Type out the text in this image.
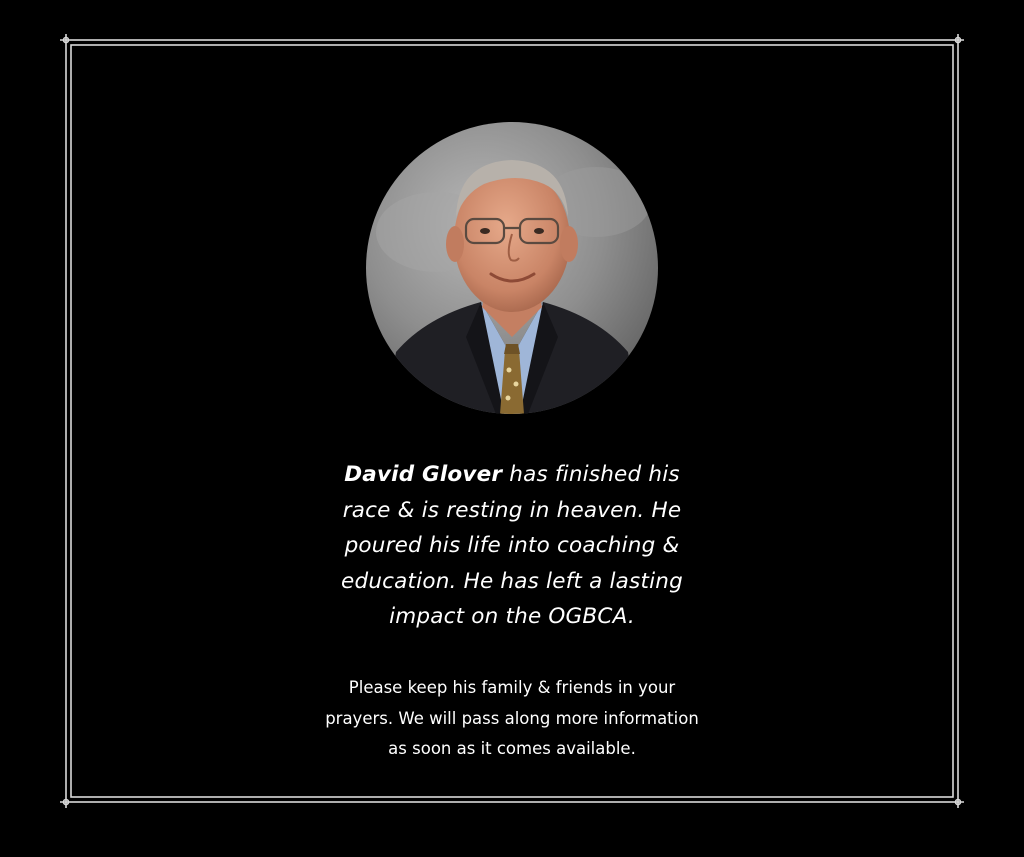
David Glover has finished his
race & is resting in heaven. He
poured his life into coaching &
education. He has left a lasting
impact on the OGBCA.
Please keep his family & friends in your
prayers. We will pass along more information
as soon as it comes available.
